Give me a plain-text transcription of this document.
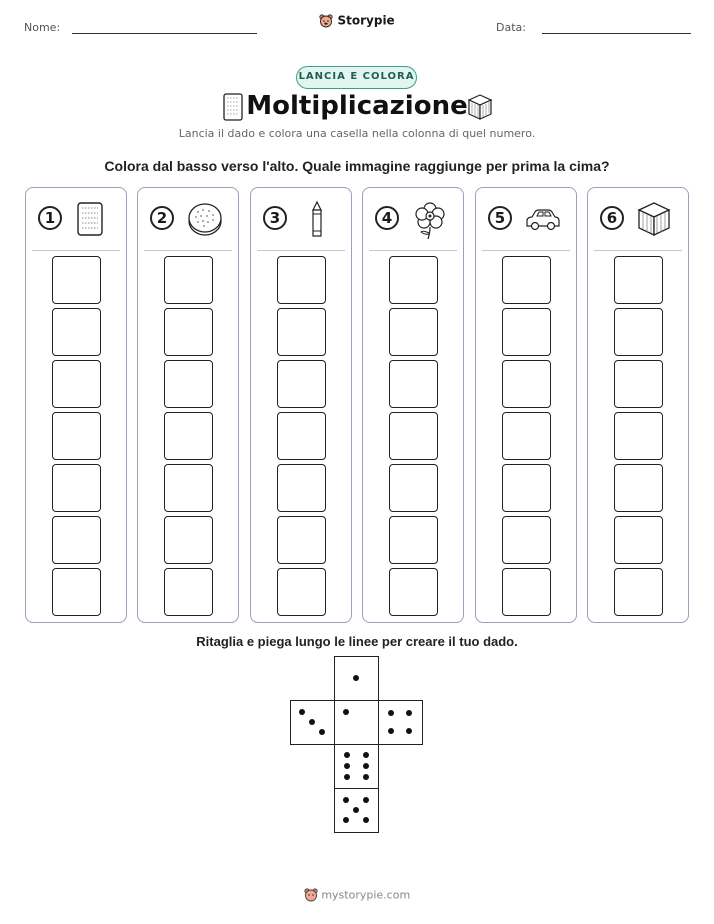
Nome:	Storypie	Data:
LANCIA E COLORA
Moltiplicazione
Lancia il dado e colora una casella nella colonna di quel numero.
Colora dal basso verso l'alto. Quale immagine raggiunge per prima la cima?
1	2	3	4	5	6
Ritaglia e piega lungo le linee per creare il tuo dado.
mystorypie.com
